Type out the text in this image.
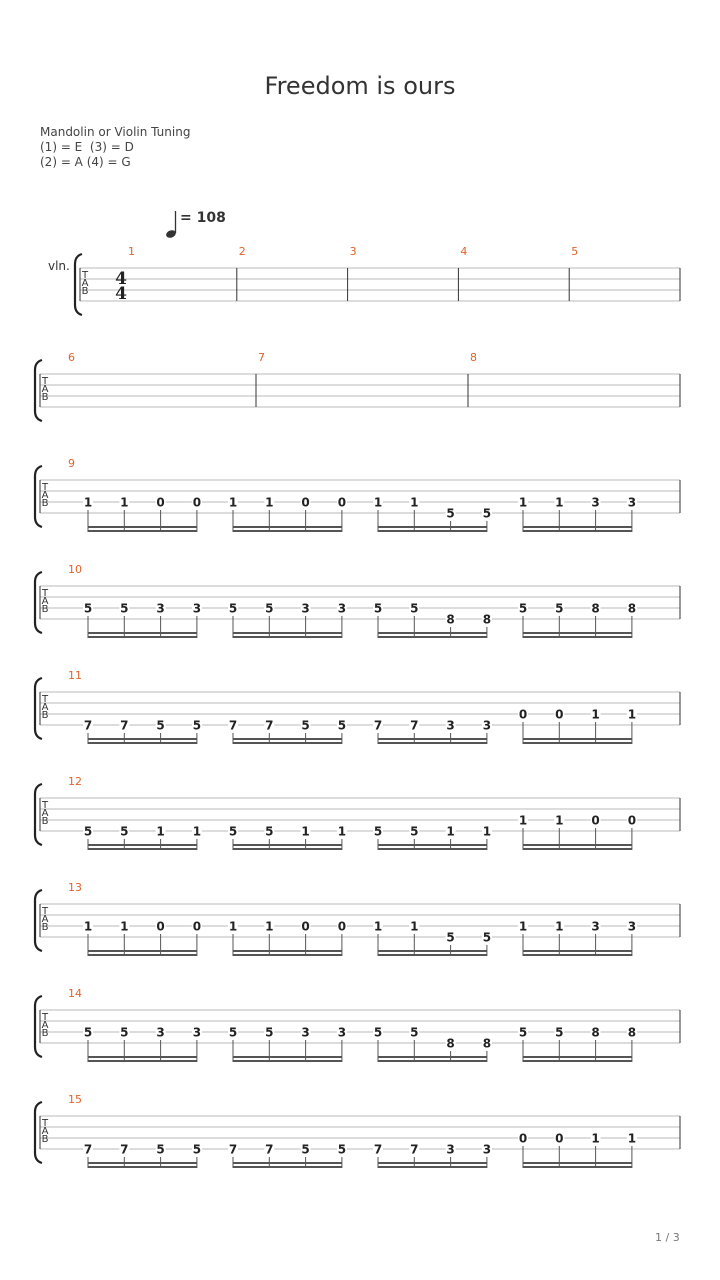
Freedom is ours
Mandolin or Violin Tuning
(1) = E  (3) = D
(2) = A (4) = G
= 108
vln.
T
A
B
4
4
1	2	3	4	5
T
A
B
6	7	8
T
A
B
9
1 1 0 0 1 1 0 0 1 1
5 5
1 1 3 3
T
A
B
10
5 5 3 3 5 5 3 3 5 5
8 8
5 5 8 8
T
A
B
11
7 7 5 5 7 7 5 5 7 7 3 3
0 0 1 1
T
A
B
12
5 5 1 1 5 5 1 1 5 5 1 1
1 1 0 0
T
A
B
13
1 1 0 0 1 1 0 0 1 1
5 5
1 1 3 3
T
A
B
14
5 5 3 3 5 5 3 3 5 5
8 8
5 5 8 8
T
A
B
15
7 7 5 5 7 7 5 5 7 7 3 3
0 0 1 1
1 / 3
